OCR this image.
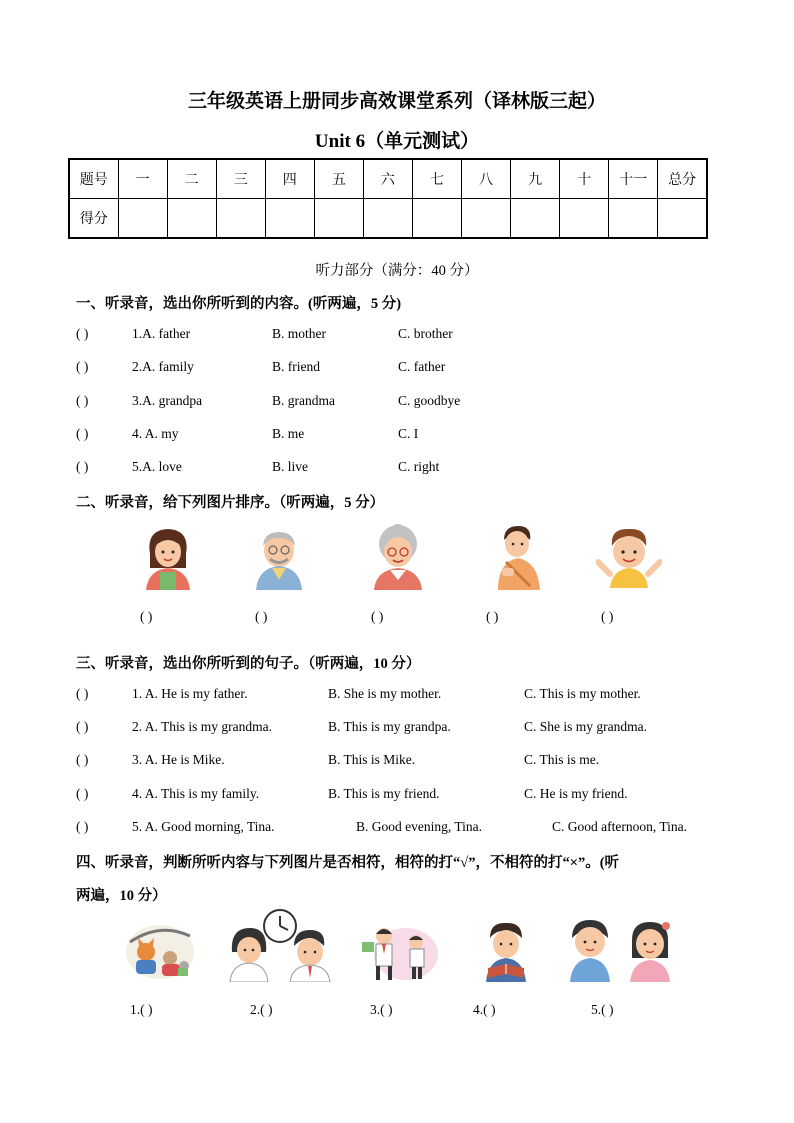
三年级英语上册同步高效课堂系列（译林版三起）
Unit 6（单元测试）
题号	一	二	三	四	五	六	七	八	九	十	十一	总分
得分												
听力部分（满分：40 分）
一、听录音，选出你所听到的内容。(听两遍，5 分)
( )	1.A. father	B. mother	C. brother
( )	2.A. family	B. friend	C. father
( )	3.A. grandpa	B. grandma	C. goodbye
( )	4. A. my	B. me	C. I
( )	5.A. love	B. live	C. right
二、听录音，给下列图片排序。（听两遍，5 分）
( )	( )	( )	( )	( )
三、听录音，选出你所听到的句子。（听两遍，10 分）
( )	1. A. He is my father.	B. She is my mother.	C. This is my mother.
( )	2. A. This is my grandma.	B. This is my grandpa.	C. She is my grandma.
( )	3. A. He is Mike.	B. This is Mike.	C. This is me.
( )	4. A. This is my family.	B. This is my friend.	C. He is my friend.
( )	5. A. Good morning, Tina.	B. Good evening, Tina.	C. Good afternoon, Tina.
四、听录音，判断所听内容与下列图片是否相符，相符的打“√”，不相符的打“×”。(听
两遍，10 分）
1.( )	2.( )	3.( )	4.( )	5.( )
